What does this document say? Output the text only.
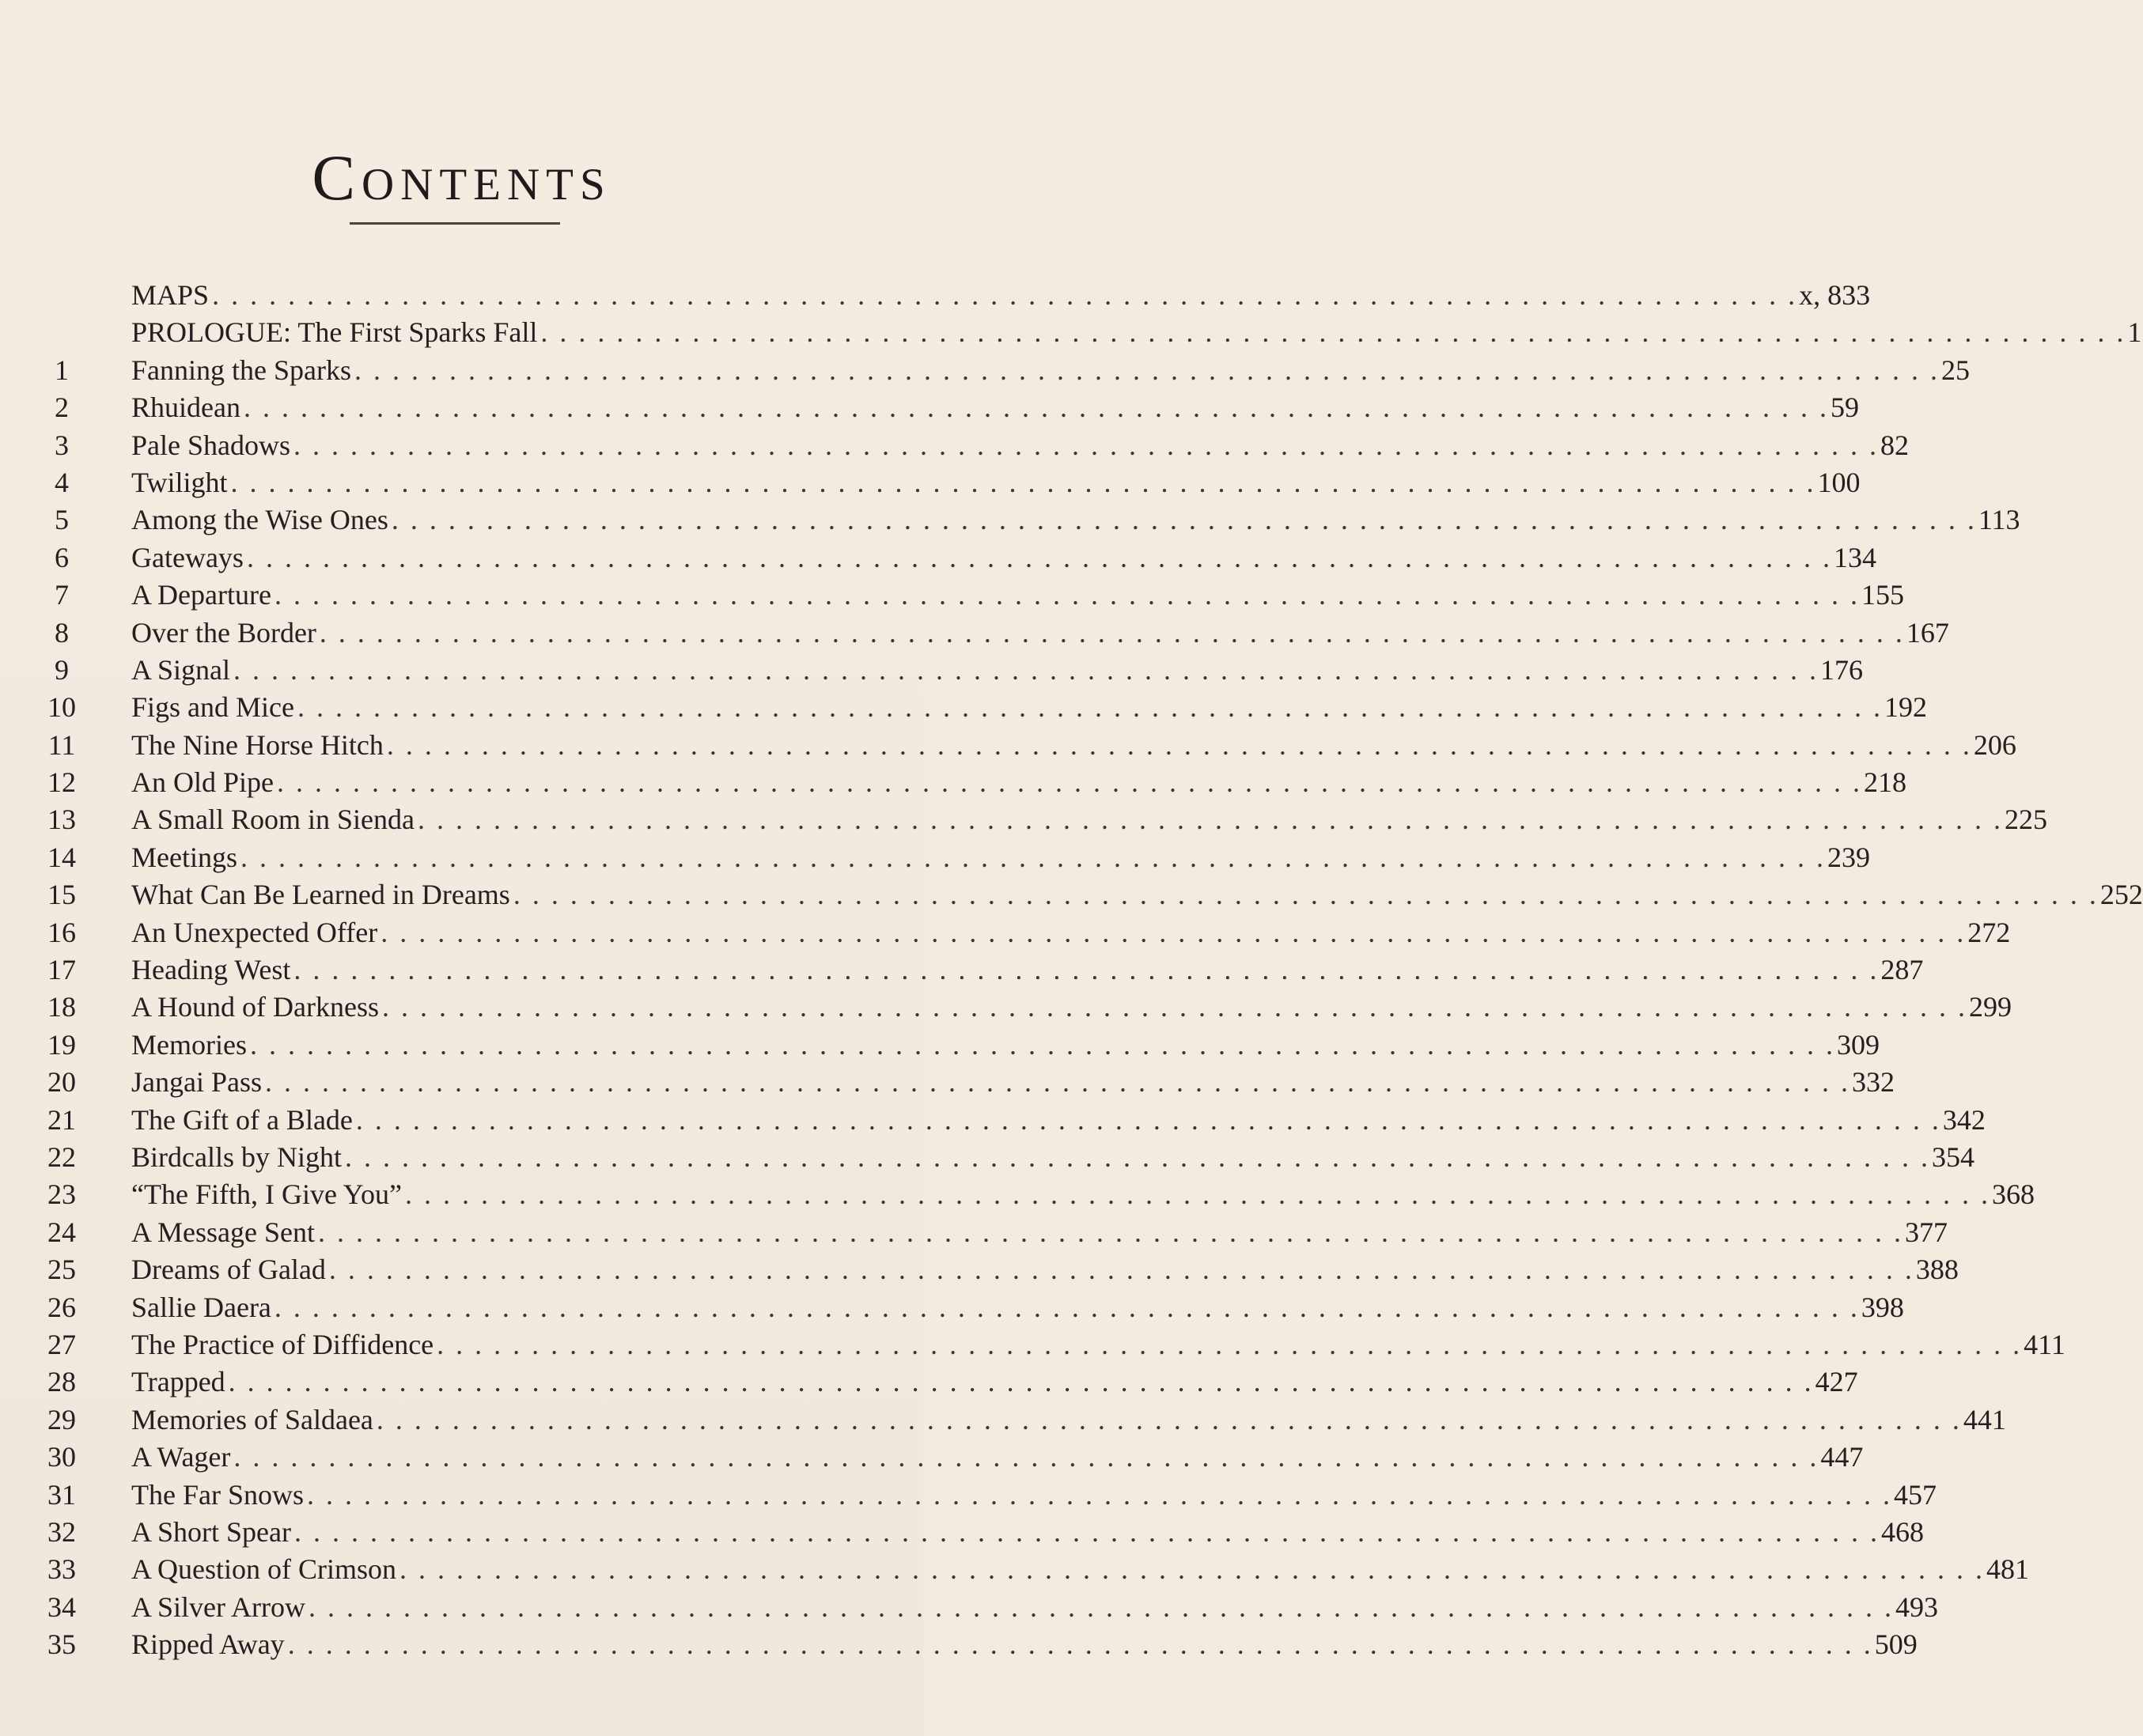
Contents
MAPS . . . . . . . . . . . . . . . . . . . . . . . . . . . . . . . . . . . . . . . . . . . . . . . . . . . . . . . . . . . . . . . . . . . . . . . . . . . . . . . . . . . . x, 833
PROLOGUE: The First Sparks Fall . . . . . . . . . . . . . . . . . . . . . . . . . . . . . . . . . . . . . . . . . . . . . . . . . . . . . . . . . . . . . . . . . . . . . . . . . . . . . . . . . . . . 1
1	Fanning the Sparks . . . . . . . . . . . . . . . . . . . . . . . . . . . . . . . . . . . . . . . . . . . . . . . . . . . . . . . . . . . . . . . . . . . . . . . . . . . . . . . . . . . . 25
2	Rhuidean . . . . . . . . . . . . . . . . . . . . . . . . . . . . . . . . . . . . . . . . . . . . . . . . . . . . . . . . . . . . . . . . . . . . . . . . . . . . . . . . . . . . 59
3	Pale Shadows . . . . . . . . . . . . . . . . . . . . . . . . . . . . . . . . . . . . . . . . . . . . . . . . . . . . . . . . . . . . . . . . . . . . . . . . . . . . . . . . . . . . 82
4	Twilight . . . . . . . . . . . . . . . . . . . . . . . . . . . . . . . . . . . . . . . . . . . . . . . . . . . . . . . . . . . . . . . . . . . . . . . . . . . . . . . . . . . . 100
5	Among the Wise Ones . . . . . . . . . . . . . . . . . . . . . . . . . . . . . . . . . . . . . . . . . . . . . . . . . . . . . . . . . . . . . . . . . . . . . . . . . . . . . . . . . . . . 113
6	Gateways . . . . . . . . . . . . . . . . . . . . . . . . . . . . . . . . . . . . . . . . . . . . . . . . . . . . . . . . . . . . . . . . . . . . . . . . . . . . . . . . . . . . 134
7	A Departure . . . . . . . . . . . . . . . . . . . . . . . . . . . . . . . . . . . . . . . . . . . . . . . . . . . . . . . . . . . . . . . . . . . . . . . . . . . . . . . . . . . . 155
8	Over the Border . . . . . . . . . . . . . . . . . . . . . . . . . . . . . . . . . . . . . . . . . . . . . . . . . . . . . . . . . . . . . . . . . . . . . . . . . . . . . . . . . . . . 167
9	A Signal . . . . . . . . . . . . . . . . . . . . . . . . . . . . . . . . . . . . . . . . . . . . . . . . . . . . . . . . . . . . . . . . . . . . . . . . . . . . . . . . . . . . 176
10	Figs and Mice . . . . . . . . . . . . . . . . . . . . . . . . . . . . . . . . . . . . . . . . . . . . . . . . . . . . . . . . . . . . . . . . . . . . . . . . . . . . . . . . . . . . 192
11	The Nine Horse Hitch . . . . . . . . . . . . . . . . . . . . . . . . . . . . . . . . . . . . . . . . . . . . . . . . . . . . . . . . . . . . . . . . . . . . . . . . . . . . . . . . . . . . 206
12	An Old Pipe . . . . . . . . . . . . . . . . . . . . . . . . . . . . . . . . . . . . . . . . . . . . . . . . . . . . . . . . . . . . . . . . . . . . . . . . . . . . . . . . . . . . 218
13	A Small Room in Sienda . . . . . . . . . . . . . . . . . . . . . . . . . . . . . . . . . . . . . . . . . . . . . . . . . . . . . . . . . . . . . . . . . . . . . . . . . . . . . . . . . . . . 225
14	Meetings . . . . . . . . . . . . . . . . . . . . . . . . . . . . . . . . . . . . . . . . . . . . . . . . . . . . . . . . . . . . . . . . . . . . . . . . . . . . . . . . . . . . 239
15	What Can Be Learned in Dreams . . . . . . . . . . . . . . . . . . . . . . . . . . . . . . . . . . . . . . . . . . . . . . . . . . . . . . . . . . . . . . . . . . . . . . . . . . . . . . . . . . . . 252
16	An Unexpected Offer . . . . . . . . . . . . . . . . . . . . . . . . . . . . . . . . . . . . . . . . . . . . . . . . . . . . . . . . . . . . . . . . . . . . . . . . . . . . . . . . . . . . 272
17	Heading West . . . . . . . . . . . . . . . . . . . . . . . . . . . . . . . . . . . . . . . . . . . . . . . . . . . . . . . . . . . . . . . . . . . . . . . . . . . . . . . . . . . . 287
18	A Hound of Darkness . . . . . . . . . . . . . . . . . . . . . . . . . . . . . . . . . . . . . . . . . . . . . . . . . . . . . . . . . . . . . . . . . . . . . . . . . . . . . . . . . . . . 299
19	Memories . . . . . . . . . . . . . . . . . . . . . . . . . . . . . . . . . . . . . . . . . . . . . . . . . . . . . . . . . . . . . . . . . . . . . . . . . . . . . . . . . . . . 309
20	Jangai Pass . . . . . . . . . . . . . . . . . . . . . . . . . . . . . . . . . . . . . . . . . . . . . . . . . . . . . . . . . . . . . . . . . . . . . . . . . . . . . . . . . . . . 332
21	The Gift of a Blade . . . . . . . . . . . . . . . . . . . . . . . . . . . . . . . . . . . . . . . . . . . . . . . . . . . . . . . . . . . . . . . . . . . . . . . . . . . . . . . . . . . . 342
22	Birdcalls by Night . . . . . . . . . . . . . . . . . . . . . . . . . . . . . . . . . . . . . . . . . . . . . . . . . . . . . . . . . . . . . . . . . . . . . . . . . . . . . . . . . . . . 354
23	“The Fifth, I Give You” . . . . . . . . . . . . . . . . . . . . . . . . . . . . . . . . . . . . . . . . . . . . . . . . . . . . . . . . . . . . . . . . . . . . . . . . . . . . . . . . . . . . 368
24	A Message Sent . . . . . . . . . . . . . . . . . . . . . . . . . . . . . . . . . . . . . . . . . . . . . . . . . . . . . . . . . . . . . . . . . . . . . . . . . . . . . . . . . . . . 377
25	Dreams of Galad . . . . . . . . . . . . . . . . . . . . . . . . . . . . . . . . . . . . . . . . . . . . . . . . . . . . . . . . . . . . . . . . . . . . . . . . . . . . . . . . . . . . 388
26	Sallie Daera . . . . . . . . . . . . . . . . . . . . . . . . . . . . . . . . . . . . . . . . . . . . . . . . . . . . . . . . . . . . . . . . . . . . . . . . . . . . . . . . . . . . 398
27	The Practice of Diffidence . . . . . . . . . . . . . . . . . . . . . . . . . . . . . . . . . . . . . . . . . . . . . . . . . . . . . . . . . . . . . . . . . . . . . . . . . . . . . . . . . . . . 411
28	Trapped . . . . . . . . . . . . . . . . . . . . . . . . . . . . . . . . . . . . . . . . . . . . . . . . . . . . . . . . . . . . . . . . . . . . . . . . . . . . . . . . . . . . 427
29	Memories of Saldaea . . . . . . . . . . . . . . . . . . . . . . . . . . . . . . . . . . . . . . . . . . . . . . . . . . . . . . . . . . . . . . . . . . . . . . . . . . . . . . . . . . . . 441
30	A Wager . . . . . . . . . . . . . . . . . . . . . . . . . . . . . . . . . . . . . . . . . . . . . . . . . . . . . . . . . . . . . . . . . . . . . . . . . . . . . . . . . . . . 447
31	The Far Snows . . . . . . . . . . . . . . . . . . . . . . . . . . . . . . . . . . . . . . . . . . . . . . . . . . . . . . . . . . . . . . . . . . . . . . . . . . . . . . . . . . . . 457
32	A Short Spear . . . . . . . . . . . . . . . . . . . . . . . . . . . . . . . . . . . . . . . . . . . . . . . . . . . . . . . . . . . . . . . . . . . . . . . . . . . . . . . . . . . . 468
33	A Question of Crimson . . . . . . . . . . . . . . . . . . . . . . . . . . . . . . . . . . . . . . . . . . . . . . . . . . . . . . . . . . . . . . . . . . . . . . . . . . . . . . . . . . . . 481
34	A Silver Arrow . . . . . . . . . . . . . . . . . . . . . . . . . . . . . . . . . . . . . . . . . . . . . . . . . . . . . . . . . . . . . . . . . . . . . . . . . . . . . . . . . . . . 493
35	Ripped Away . . . . . . . . . . . . . . . . . . . . . . . . . . . . . . . . . . . . . . . . . . . . . . . . . . . . . . . . . . . . . . . . . . . . . . . . . . . . . . . . . . . . 509
